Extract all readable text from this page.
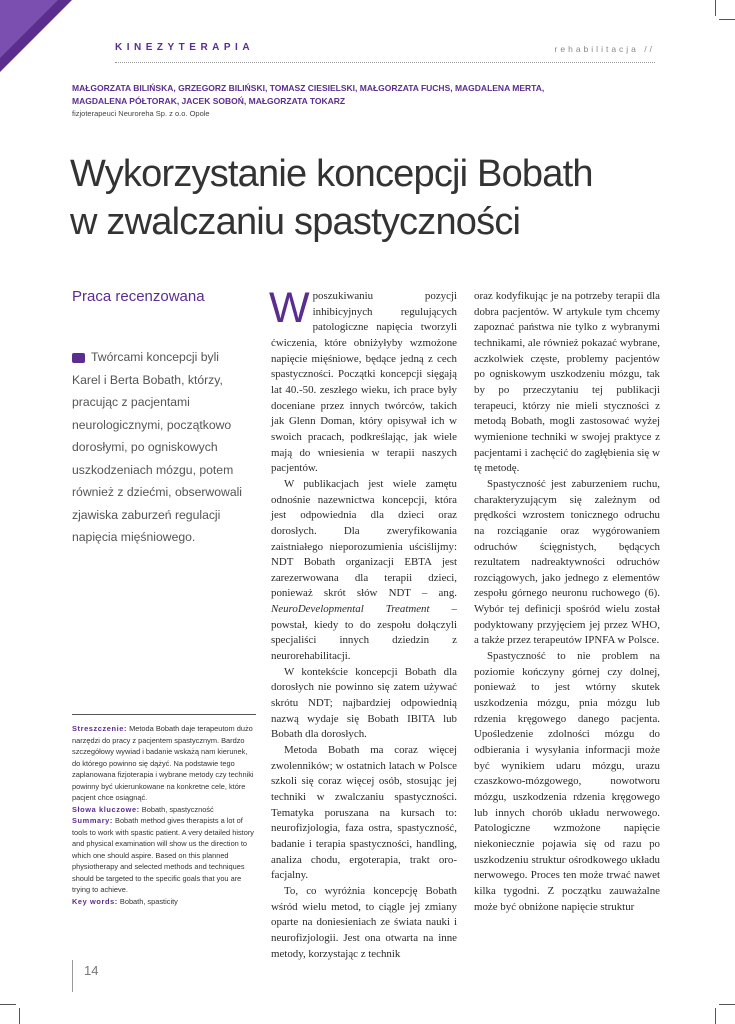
KINEZYTERAPIA	rehabilitacja //
MAŁGORZATA BILIŃSKA, GRZEGORZ BILIŃSKI, TOMASZ CIESIELSKI, MAŁGORZATA FUCHS, MAGDALENA MERTA,
MAGDALENA PÓŁTORAK, JACEK SOBOŃ, MAŁGORZATA TOKARZ
fizjoterapeuci Neuroreha Sp. z o.o. Opole
Wykorzystanie koncepcji Bobath
w zwalczaniu spastyczności
Praca recenzowana
Twórcami koncepcji byli Karel i Berta Bobath, którzy, pracując z pacjentami neurologicznymi, początkowo dorosłymi, po ogniskowych uszkodzeniach mózgu, potem również z dziećmi, obserwowali zjawiska zaburzeń regulacji napięcia mięśniowego.

Streszczenie: Metoda Bobath daje terapeutom dużo narzędzi do pracy z pacjentem spastycznym. Bardzo szczegółowy wywiad i badanie wskażą nam kierunek, do którego powinno się dążyć. Na podstawie tego zaplanowana fizjoterapia i wybrane metody czy techniki powinny być ukierunkowane na konkretne cele, które pacjent chce osiągnąć.

Słowa kluczowe: Bobath, spastyczność

Summary: Bobath method gives therapists a lot of tools to work with spastic patient. A very detailed history and physical examination will show us the direction to which one should aspire. Based on this planned physiotherapy and selected methods and techniques should be targeted to the specific goals that you are trying to achieve.

Key words: Bobath, spasticity

14

Wposzukiwaniu pozycji inhibicyjnych regulujących patologiczne napięcia tworzyli ćwiczenia, które obniżyłyby wzmożone napięcie mięśniowe, będące jedną z cech spastyczności. Początki koncepcji sięgają lat 40.-50. zeszłego wieku, ich prace były doceniane przez innych twórców, takich jak Glenn Doman, który opisywał ich w swoich pracach, podkreślając, jak wiele mają do wniesienia w terapii naszych pacjentów.

W publikacjach jest wiele zamętu odnośnie nazewnictwa koncepcji, która jest odpowiednia dla dzieci oraz dorosłych. Dla zweryfikowania zaistniałego nieporozumienia uściślijmy: NDT Bobath organizacji EBTA jest zarezerwowana dla terapii dzieci, ponieważ skrót słów NDT – ang. NeuroDevelopmental Treatment – powstał, kiedy to do zespołu dołączyli specjaliści innych dziedzin z neurorehabilitacji.

W kontekście koncepcji Bobath dla dorosłych nie powinno się zatem używać skrótu NDT; najbardziej odpowiednią nazwą wydaje się Bobath IBITA lub Bobath dla dorosłych.

Metoda Bobath ma coraz więcej zwolenników; w ostatnich latach w Polsce szkoli się coraz więcej osób, stosując jej techniki w zwalczaniu spastyczności. Tematyka poruszana na kursach to: neurofizjologia, faza ostra, spastyczność, badanie i terapia spastyczności, handling, analiza chodu, ergoterapia, trakt oro-facjalny.

To, co wyróżnia koncepcję Bobath wśród wielu metod, to ciągle jej zmiany oparte na doniesieniach ze świata nauki i neurofizjologii. Jest ona otwarta na inne metody, korzystając z technik

oraz kodyfikując je na potrzeby terapii dla dobra pacjentów. W artykule tym chcemy zapoznać państwa nie tylko z wybranymi technikami, ale również pokazać wybrane, aczkolwiek częste, problemy pacjentów po ogniskowym uszkodzeniu mózgu, tak by po przeczytaniu tej publikacji terapeuci, którzy nie mieli styczności z metodą Bobath, mogli zastosować wyżej wymienione techniki w swojej praktyce z pacjentami i zachęcić do zagłębienia się w tę metodę.

Spastyczność jest zaburzeniem ruchu, charakteryzującym się zależnym od prędkości wzrostem tonicznego odruchu na rozciąganie oraz wygórowaniem odruchów ścięgnistych, będących rezultatem nadreaktywności odruchów rozciągowych, jako jednego z elementów zespołu górnego neuronu ruchowego (6). Wybór tej definicji spośród wielu został podyktowany przyjęciem jej przez WHO, a także przez terapeutów IPNFA w Polsce.

Spastyczność to nie problem na poziomie kończyny górnej czy dolnej, ponieważ to jest wtórny skutek uszkodzenia mózgu, pnia mózgu lub rdzenia kręgowego danego pacjenta. Upośledzenie zdolności mózgu do odbierania i wysyłania informacji może być wynikiem udaru mózgu, urazu czaszkowo-mózgowego, nowotworu mózgu, uszkodzenia rdzenia kręgowego lub innych chorób układu nerwowego. Patologiczne wzmożone napięcie niekoniecznie pojawia się od razu po uszkodzeniu struktur ośrodkowego układu nerwowego. Proces ten może trwać nawet kilka tygodni. Z początku zauważalne może być obniżone napięcie struktur
